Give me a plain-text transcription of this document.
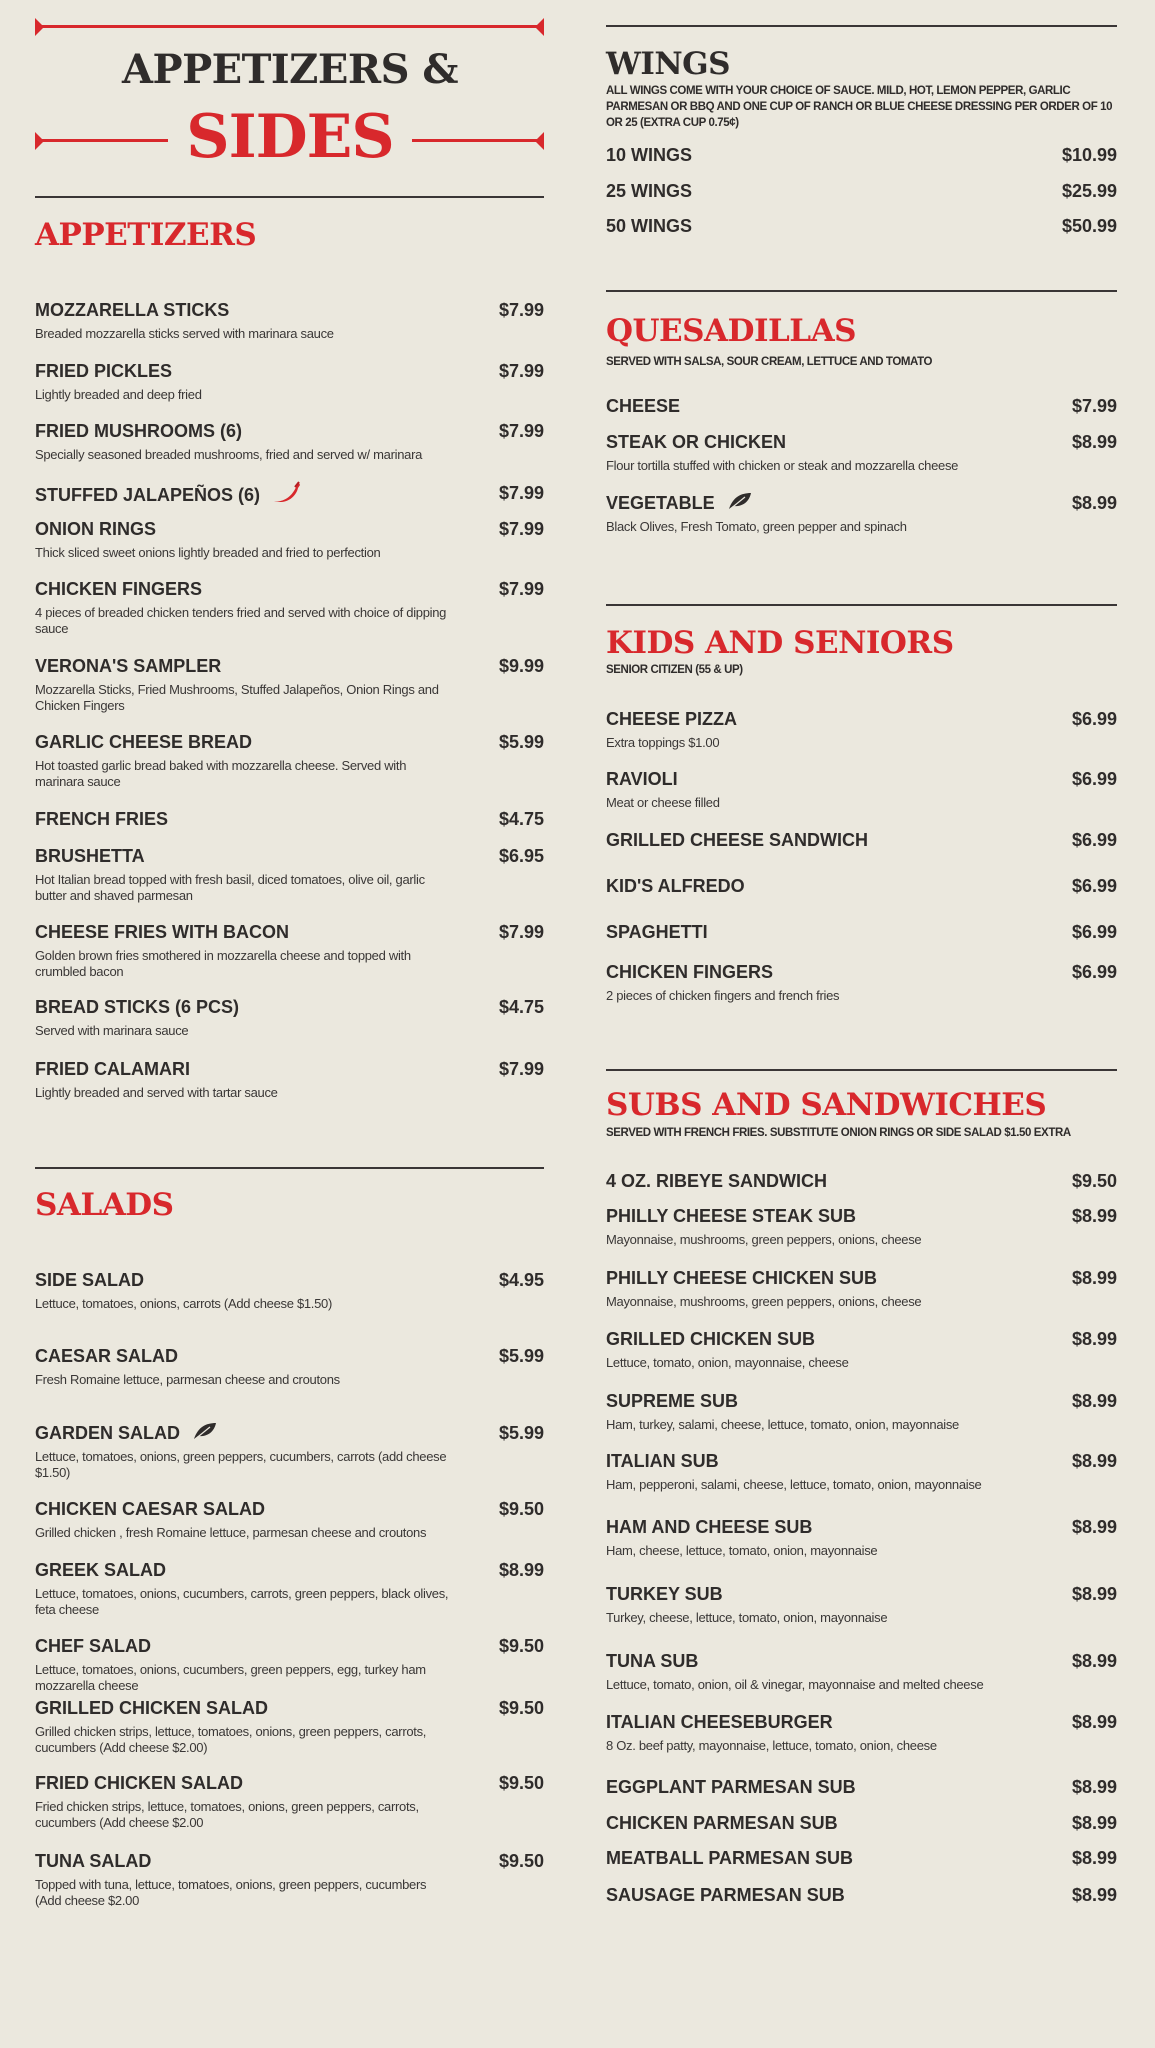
APPETIZERS &
SIDES
APPETIZERS
MOZZARELLA STICKS	$7.99
Breaded mozzarella sticks served with marinara sauce
FRIED PICKLES	$7.99
Lightly breaded and deep fried
FRIED MUSHROOMS (6)	$7.99
Specially seasoned breaded mushrooms, fried and served w/ marinara
STUFFED JALAPEÑOS (6)	$7.99
ONION RINGS	$7.99
Thick sliced sweet onions lightly breaded and fried to perfection
CHICKEN FINGERS	$7.99
4 pieces of breaded chicken tenders fried and served with choice of dipping sauce
VERONA'S SAMPLER	$9.99
Mozzarella Sticks, Fried Mushrooms, Stuffed Jalapeños, Onion Rings and Chicken Fingers
GARLIC CHEESE BREAD	$5.99
Hot toasted garlic bread baked with mozzarella cheese. Served with marinara sauce
FRENCH FRIES	$4.75
BRUSHETTA	$6.95
Hot Italian bread topped with fresh basil, diced tomatoes, olive oil, garlic butter and shaved parmesan
CHEESE FRIES WITH BACON	$7.99
Golden brown fries smothered in mozzarella cheese and topped with crumbled bacon
BREAD STICKS (6 PCS)	$4.75
Served with marinara sauce
FRIED CALAMARI	$7.99
Lightly breaded and served with tartar sauce
SALADS
SIDE SALAD	$4.95
Lettuce, tomatoes, onions, carrots (Add cheese $1.50)
CAESAR SALAD	$5.99
Fresh Romaine lettuce, parmesan cheese and croutons
GARDEN SALAD	$5.99
Lettuce, tomatoes, onions, green peppers, cucumbers, carrots (add cheese $1.50)
CHICKEN CAESAR SALAD	$9.50
Grilled chicken , fresh Romaine lettuce, parmesan cheese and croutons
GREEK SALAD	$8.99
Lettuce, tomatoes, onions, cucumbers, carrots, green peppers, black olives, feta cheese
CHEF SALAD	$9.50
Lettuce, tomatoes, onions, cucumbers, green peppers, egg, turkey ham mozzarella cheese
GRILLED CHICKEN SALAD	$9.50
Grilled chicken strips, lettuce, tomatoes, onions, green peppers, carrots, cucumbers (Add cheese $2.00)
FRIED CHICKEN SALAD	$9.50
Fried chicken strips, lettuce, tomatoes, onions, green peppers, carrots, cucumbers (Add cheese $2.00
TUNA SALAD	$9.50
Topped with tuna, lettuce, tomatoes, onions, green peppers, cucumbers (Add cheese $2.00
WINGS
ALL WINGS COME WITH YOUR CHOICE OF SAUCE. MILD, HOT, LEMON PEPPER, GARLIC PARMESAN OR BBQ AND ONE CUP OF RANCH OR BLUE CHEESE DRESSING PER ORDER OF 10 OR 25 (EXTRA CUP 0.75¢)
10 WINGS	$10.99
25 WINGS	$25.99
50 WINGS	$50.99
QUESADILLAS
SERVED WITH SALSA, SOUR CREAM, LETTUCE AND TOMATO
CHEESE	$7.99
STEAK OR CHICKEN	$8.99
Flour tortilla stuffed with chicken or steak and mozzarella cheese
VEGETABLE	$8.99
Black Olives, Fresh Tomato, green pepper and spinach
KIDS AND SENIORS
SENIOR CITIZEN (55 & UP)
CHEESE PIZZA	$6.99
Extra toppings $1.00
RAVIOLI	$6.99
Meat or cheese filled
GRILLED CHEESE SANDWICH	$6.99
KID'S ALFREDO	$6.99
SPAGHETTI	$6.99
CHICKEN FINGERS	$6.99
2 pieces of chicken fingers and french fries
SUBS AND SANDWICHES
SERVED WITH FRENCH FRIES. SUBSTITUTE ONION RINGS OR SIDE SALAD $1.50 EXTRA
4 OZ. RIBEYE SANDWICH	$9.50
PHILLY CHEESE STEAK SUB	$8.99
Mayonnaise, mushrooms, green peppers, onions, cheese
PHILLY CHEESE CHICKEN SUB	$8.99
Mayonnaise, mushrooms, green peppers, onions, cheese
GRILLED CHICKEN SUB	$8.99
Lettuce, tomato, onion, mayonnaise, cheese
SUPREME SUB	$8.99
Ham, turkey, salami, cheese, lettuce, tomato, onion, mayonnaise
ITALIAN SUB	$8.99
Ham, pepperoni, salami, cheese, lettuce, tomato, onion, mayonnaise
HAM AND CHEESE SUB	$8.99
Ham, cheese, lettuce, tomato, onion, mayonnaise
TURKEY SUB	$8.99
Turkey, cheese, lettuce, tomato, onion, mayonnaise
TUNA SUB	$8.99
Lettuce, tomato, onion, oil & vinegar, mayonnaise and melted cheese
ITALIAN CHEESEBURGER	$8.99
8 Oz. beef patty, mayonnaise, lettuce, tomato, onion, cheese
EGGPLANT PARMESAN SUB	$8.99
CHICKEN PARMESAN SUB	$8.99
MEATBALL PARMESAN SUB	$8.99
SAUSAGE PARMESAN SUB	$8.99
